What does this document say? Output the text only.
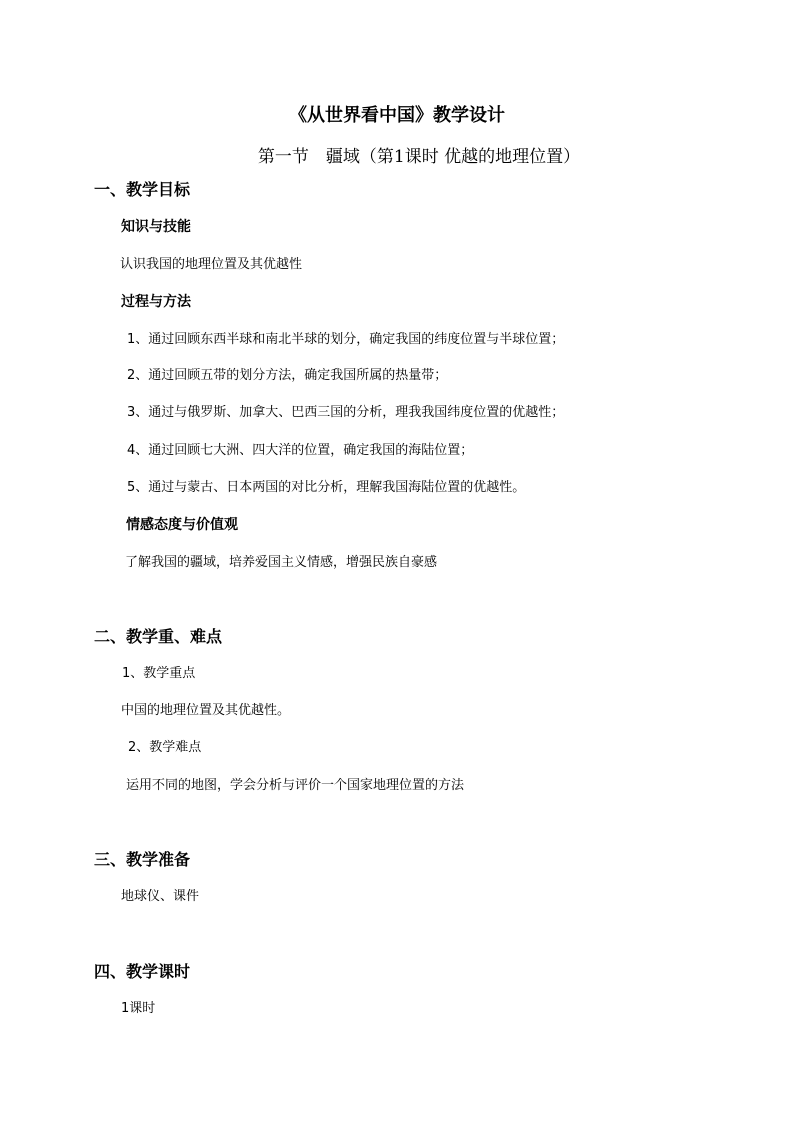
《从世界看中国》教学设计
第一节　疆域（第1课时 优越的地理位置）
一、教学目标
知识与技能
认识我国的地理位置及其优越性
过程与方法
1、通过回顾东西半球和南北半球的划分，确定我国的纬度位置与半球位置；
2、通过回顾五带的划分方法，确定我国所属的热量带；
3、通过与俄罗斯、加拿大、巴西三国的分析，理我我国纬度位置的优越性；
4、通过回顾七大洲、四大洋的位置，确定我国的海陆位置；
5、通过与蒙古、日本两国的对比分析，理解我国海陆位置的优越性。
情感态度与价值观
了解我国的疆域，培养爱国主义情感，增强民族自豪感
二、教学重、难点
1、教学重点
中国的地理位置及其优越性。
2、教学难点
运用不同的地图，学会分析与评价一个国家地理位置的方法
三、教学准备
地球仪、课件
四、教学课时
1课时
